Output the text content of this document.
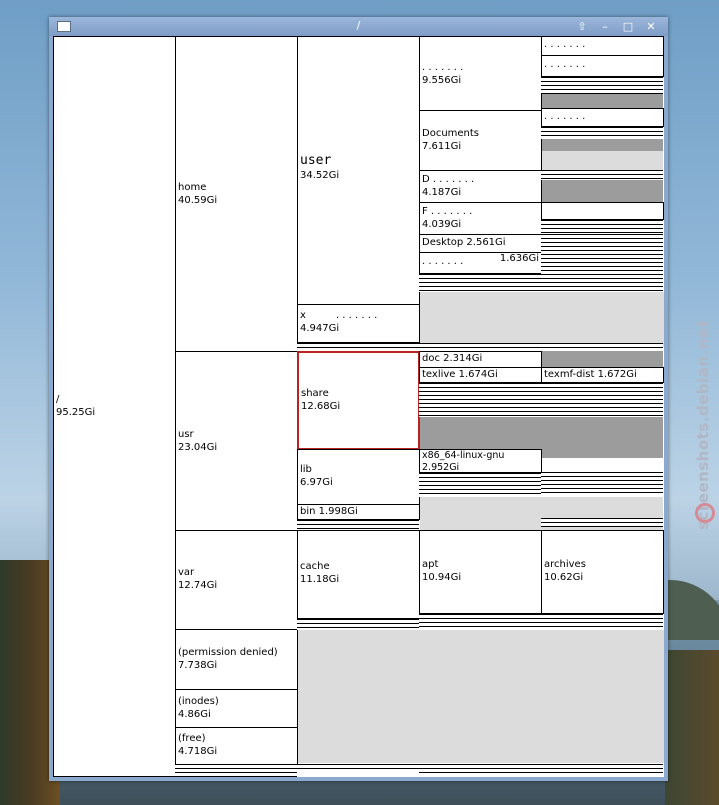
screenshots.debian.net
/	⇧	–	□	✕
/
95.25Gi
home
40.59Gi
usr
23.04Gi
var
12.74Gi
(permission denied)
7.738Gi
(inodes)
4.86Gi
(free)
4.718Gi
user
34.52Gi
x	. . . . . . .
4.947Gi
share
12.68Gi
lib
6.97Gi
bin 1.998Gi
cache
11.18Gi
. . . . . . .
9.556Gi
Documents
7.611Gi
D . . . . . . .
4.187Gi
F . . . . . . .
4.039Gi
Desktop 2.561Gi
. . . . . . .	1.636Gi
doc 2.314Gi
texlive 1.674Gi
x86_64-linux-gnu
2.952Gi
apt
10.94Gi
. . . . . . .
. . . . . . .
. . . . . . .
texmf-dist 1.672Gi
archives
10.62Gi
